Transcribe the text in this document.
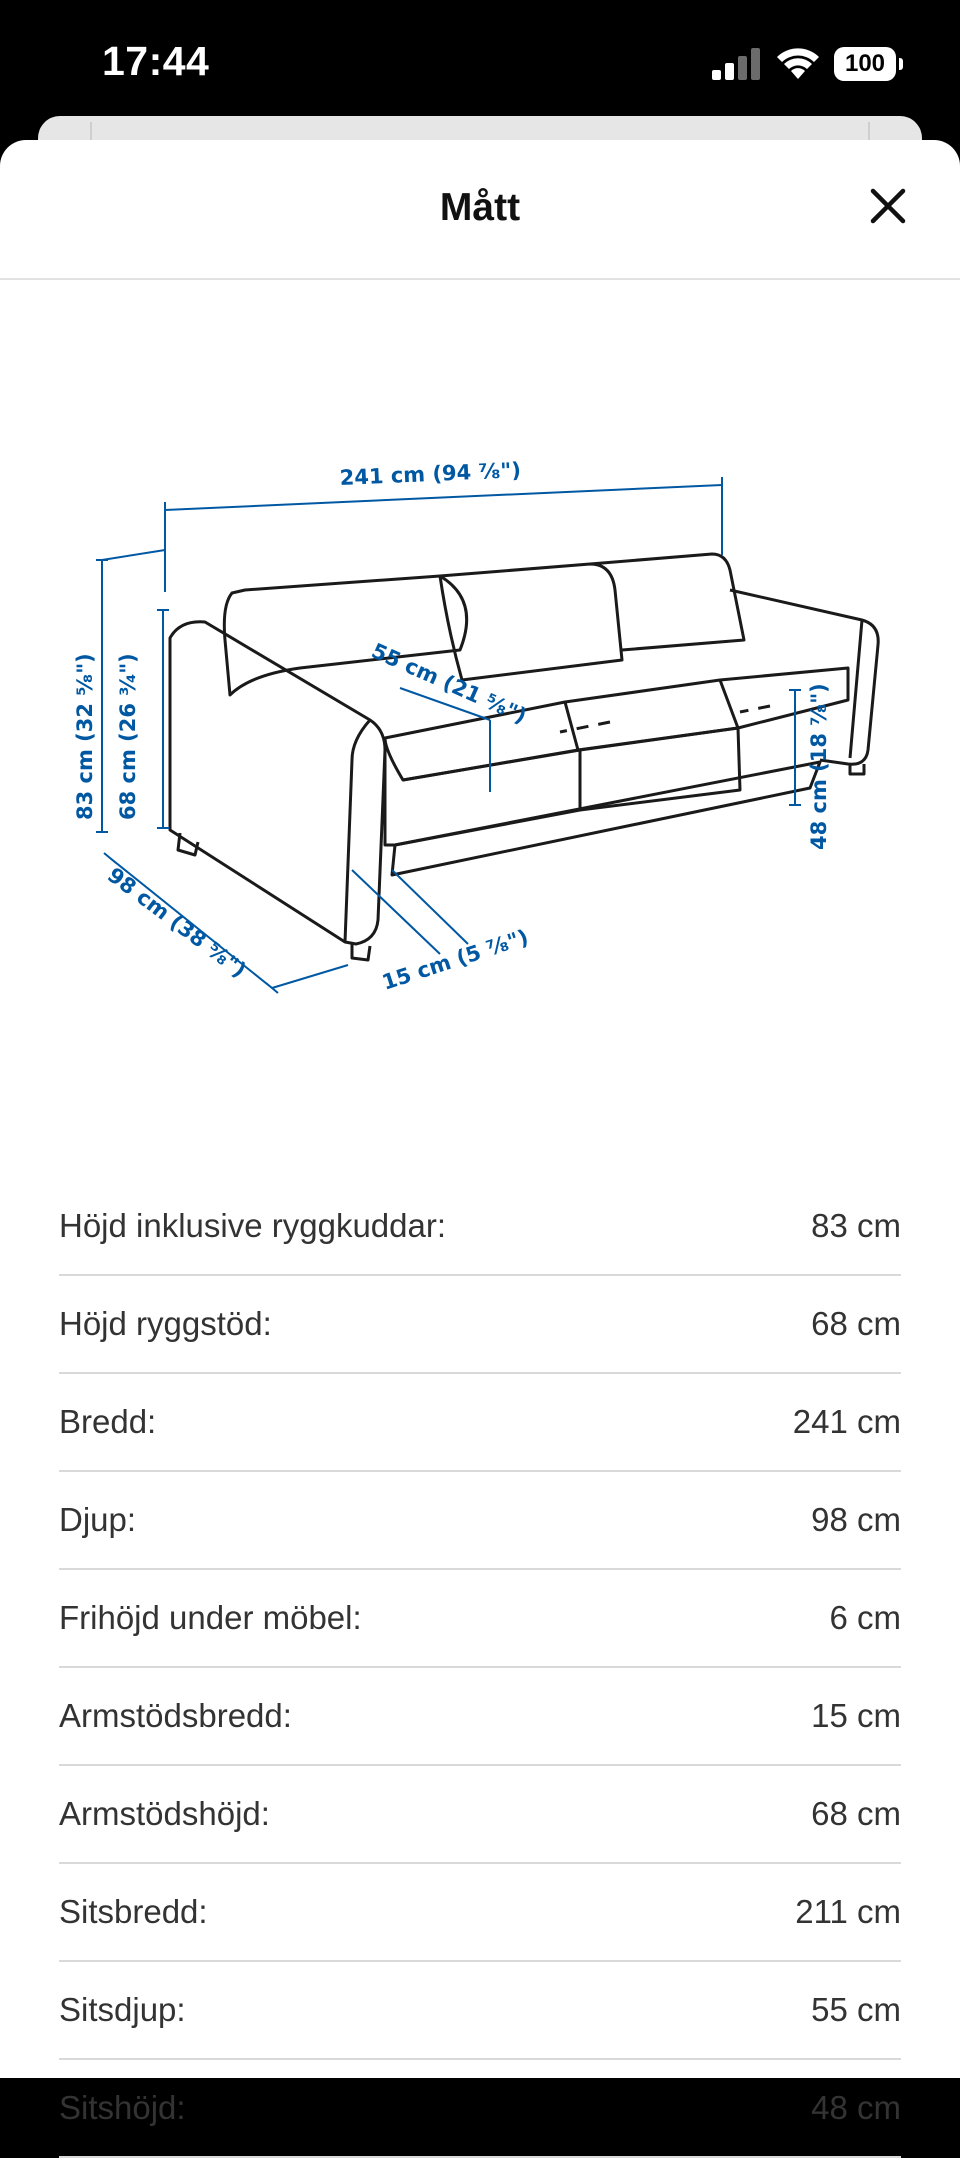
17:44	100
Mått
241 cm (94 ⁷⁄₈")
83 cm (32 ⁵⁄₈") 68 cm (26 ³⁄₄")	55 cm (21 ⁵⁄₈")	48 cm (18 ⁷⁄₈")
98 cm (38 ⁵⁄₈")	15 cm (5 ⁷⁄₈")
Höjd inklusive ryggkuddar:	83 cm
Höjd ryggstöd:	68 cm
Bredd:	241 cm
Djup:	98 cm
Frihöjd under möbel:	6 cm
Armstödsbredd:	15 cm
Armstödshöjd:	68 cm
Sitsbredd:	211 cm
Sitsdjup:	55 cm
Sitshöjd:	48 cm
